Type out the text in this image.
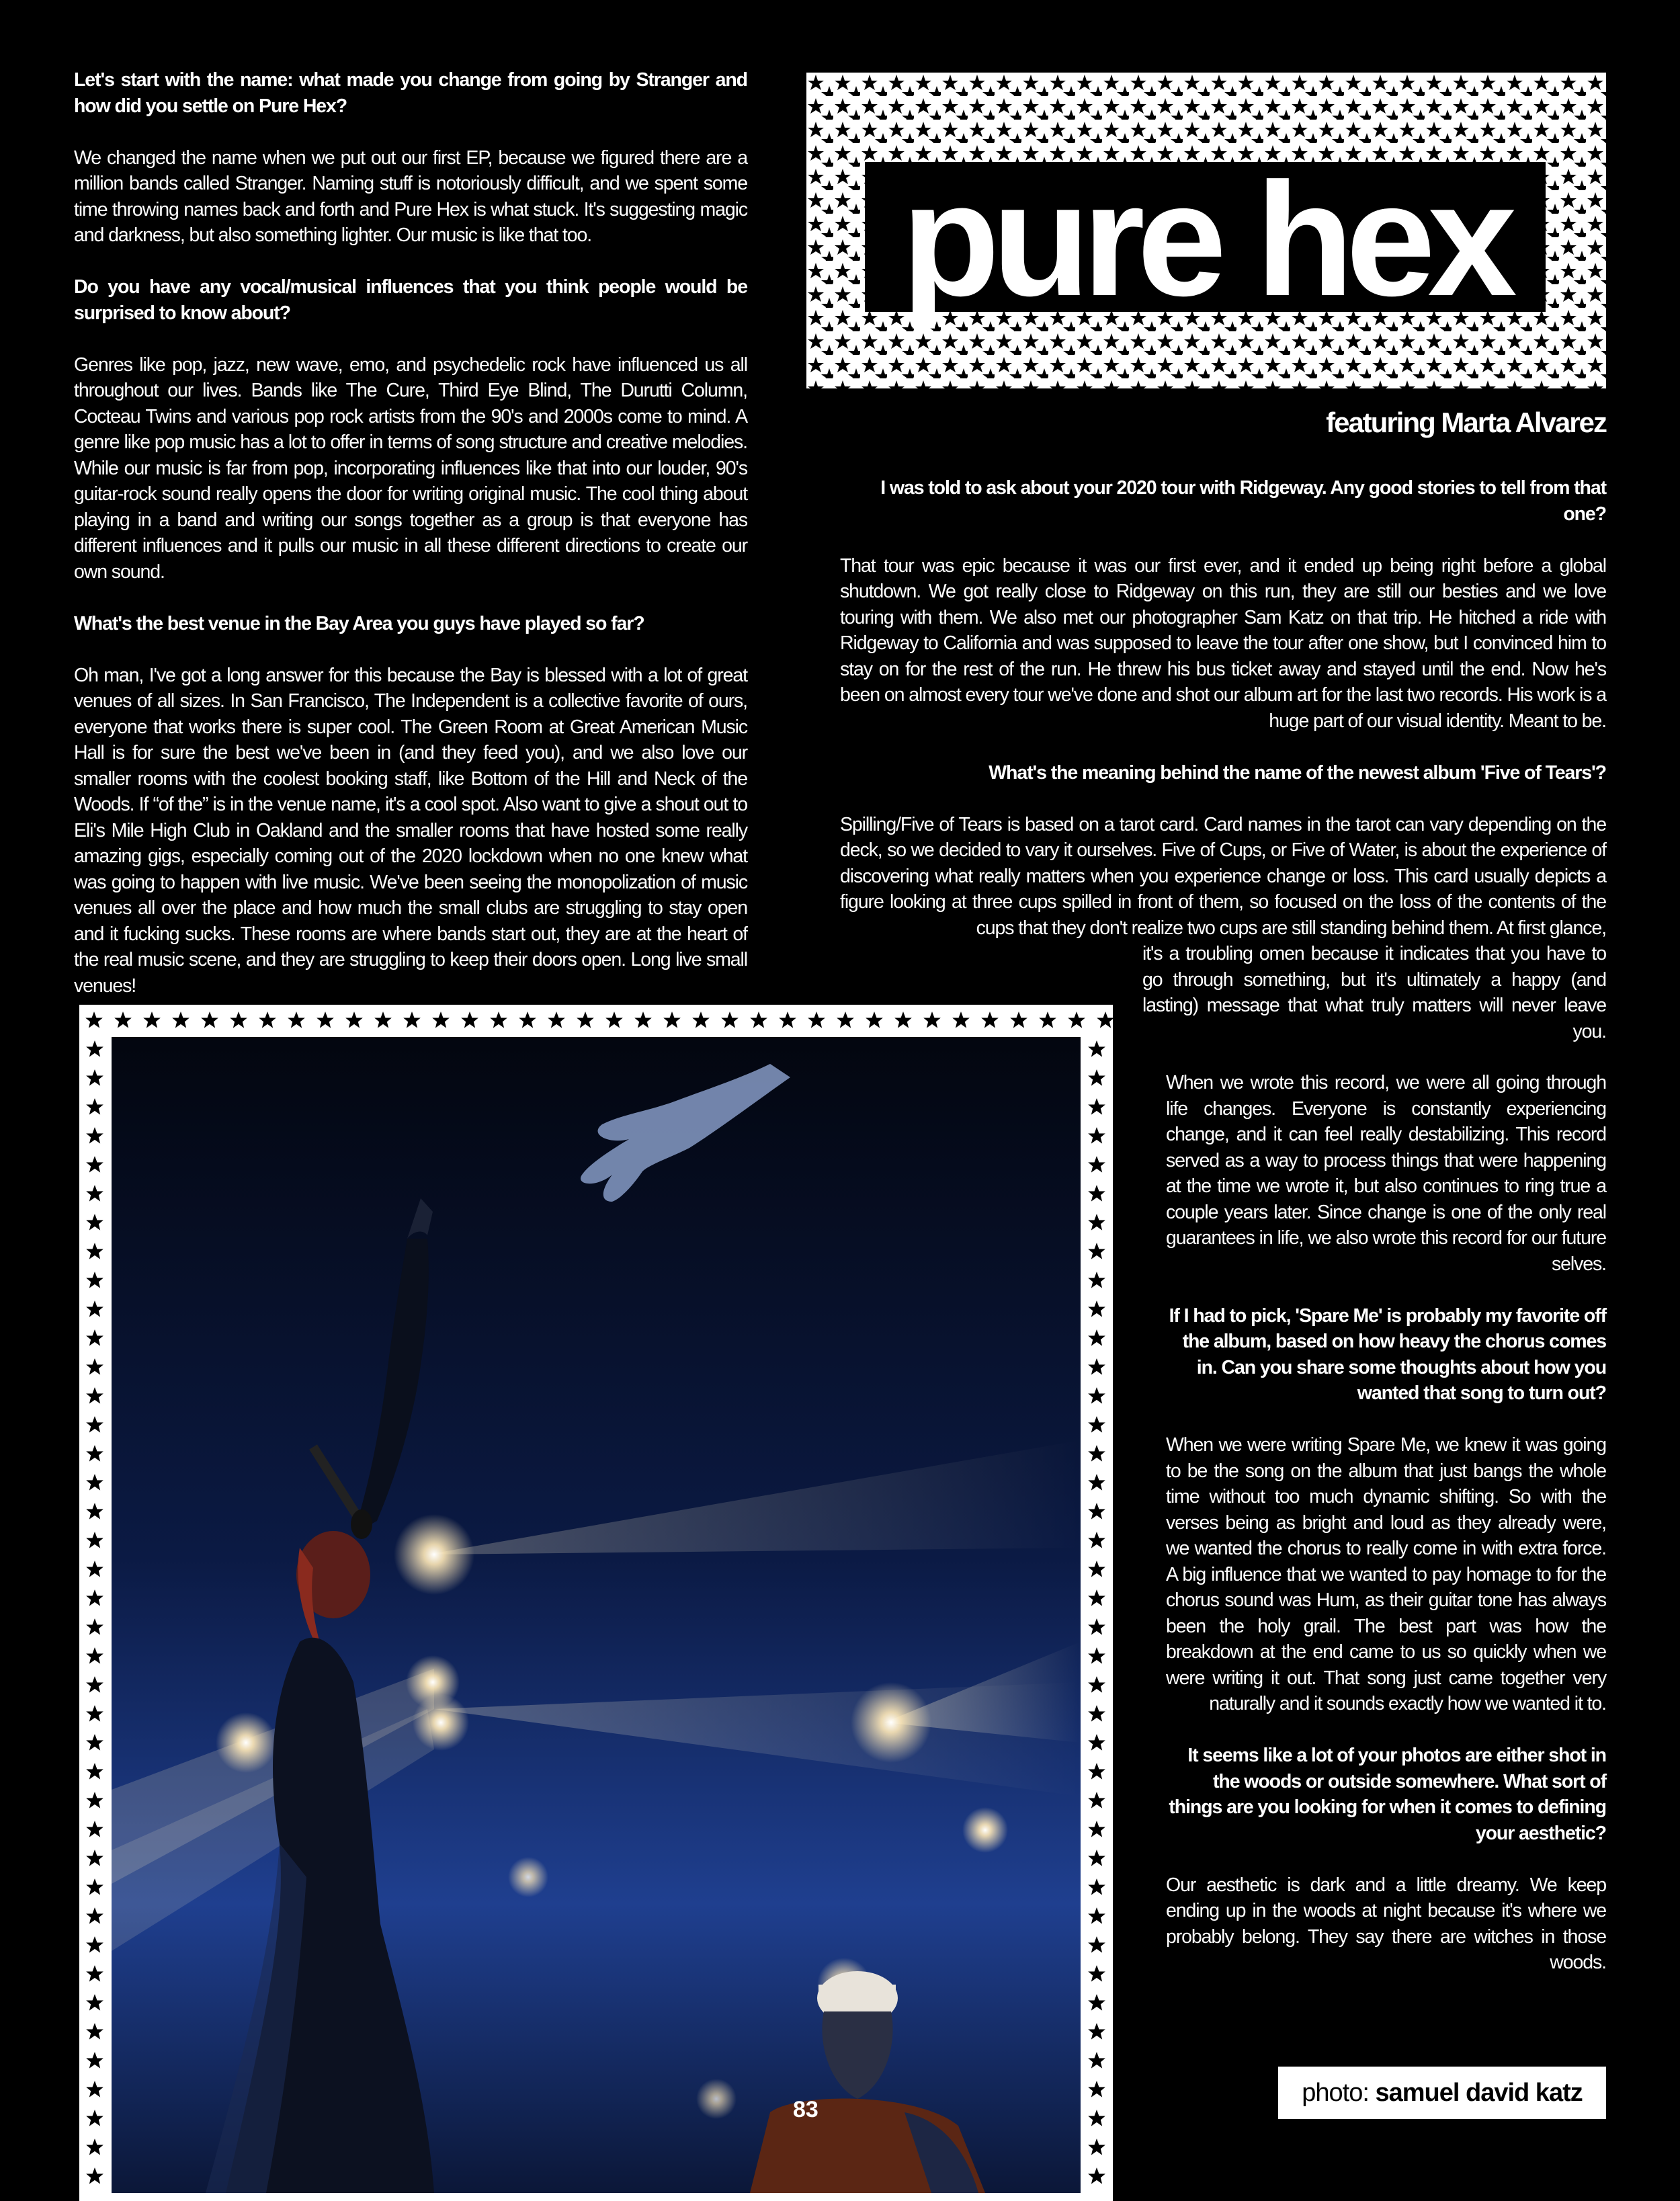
Let's start with the name: what made you change from going by Stranger and how did you settle on Pure Hex?

We changed the name when we put out our first EP, because we figured there are a million bands called Stranger. Naming stuff is notoriously difficult, and we spent some time throwing names back and forth and Pure Hex is what stuck. It's suggesting magic and darkness, but also something lighter. Our music is like that too.

Do you have any vocal/musical influences that you think people would be surprised to know about?

Genres like pop, jazz, new wave, emo, and psychedelic rock have influenced us all throughout our lives. Bands like The Cure, Third Eye Blind, The Durutti Column, Cocteau Twins and various pop rock artists from the 90's and 2000s come to mind. A genre like pop music has a lot to offer in terms of song structure and creative melodies. While our music is far from pop, incorporating influences like that into our louder, 90's guitar-rock sound really opens the door for writing original music. The cool thing about playing in a band and writing our songs together as a group is that everyone has different influences and it pulls our music in all these different directions to create our own sound.

What's the best venue in the Bay Area you guys have played so far?

Oh man, I've got a long answer for this because the Bay is blessed with a lot of great venues of all sizes. In San Francisco, The Independent is a collective favorite of ours, everyone that works there is super cool. The Green Room at Great American Music Hall is for sure the best we've been in (and they feed you), and we also love our smaller rooms with the coolest booking staff, like Bottom of the Hill and Neck of the Woods. If “of the” is in the venue name, it's a cool spot. Also want to give a shout out to Eli's Mile High Club in Oakland and the smaller rooms that have hosted some really amazing gigs, especially coming out of the 2020 lockdown when no one knew what was going to happen with live music. We've been seeing the monopolization of music venues all over the place and how much the small clubs are struggling to stay open and it fucking sucks. These rooms are where bands start out, they are at the heart of the real music scene, and they are struggling to keep their doors open. Long live small venues!

pure hex
featuring Marta Alvarez

I was told to ask about your 2020 tour with Ridgeway. Any good stories to tell from that one?

That tour was epic because it was our first ever, and it ended up being right before a global shutdown. We got really close to Ridgeway on this run, they are still our besties and we love touring with them. We also met our photographer Sam Katz on that trip. He hitched a ride with Ridgeway to California and was supposed to leave the tour after one show, but I convinced him to stay on for the rest of the run. He threw his bus ticket away and stayed until the end. Now he's been on almost every tour we've done and shot our album art for the last two records. His work is a huge part of our visual identity. Meant to be.

What's the meaning behind the name of the newest album 'Five of Tears'?

Spilling/Five of Tears is based on a tarot card. Card names in the tarot can vary depending on the deck, so we decided to vary it ourselves. Five of Cups, or Five of Water, is about the experience of discovering what really matters when you experience change or loss. This card usually depicts a figure looking at three cups spilled in front of them, so focused on the loss of the contents of the cups that they don't realize two cups are still standing behind them. At first glance,

it's a troubling omen because it indicates that you have to go through something, but it's ultimately a happy (and lasting) message that what truly matters will never leave you.

When we wrote this record, we were all going through life changes. Everyone is constantly experiencing change, and it can feel really destabilizing. This record served as a way to process things that were happening at the time we wrote it, but also continues to ring true a couple years later. Since change is one of the only real guarantees in life, we also wrote this record for our future selves.

If I had to pick, 'Spare Me' is probably my favorite off the album, based on how heavy the chorus comes in. Can you share some thoughts about how you wanted that song to turn out?

When we were writing Spare Me, we knew it was going to be the song on the album that just bangs the whole time without too much dynamic shifting. So with the verses being as bright and loud as they already were, we wanted the chorus to really come in with extra force. A big influence that we wanted to pay homage to for the chorus sound was Hum, as their guitar tone has always been the holy grail. The best part was how the breakdown at the end came to us so quickly when we were writing it out. That song just came together very naturally and it sounds exactly how we wanted it to.

It seems like a lot of your photos are either shot in the woods or outside somewhere. What sort of things are you looking for when it comes to defining your aesthetic?

Our aesthetic is dark and a little dreamy. We keep ending up in the woods at night because it's where we probably belong. They say there are witches in those woods.

83
photo: samuel david katz
